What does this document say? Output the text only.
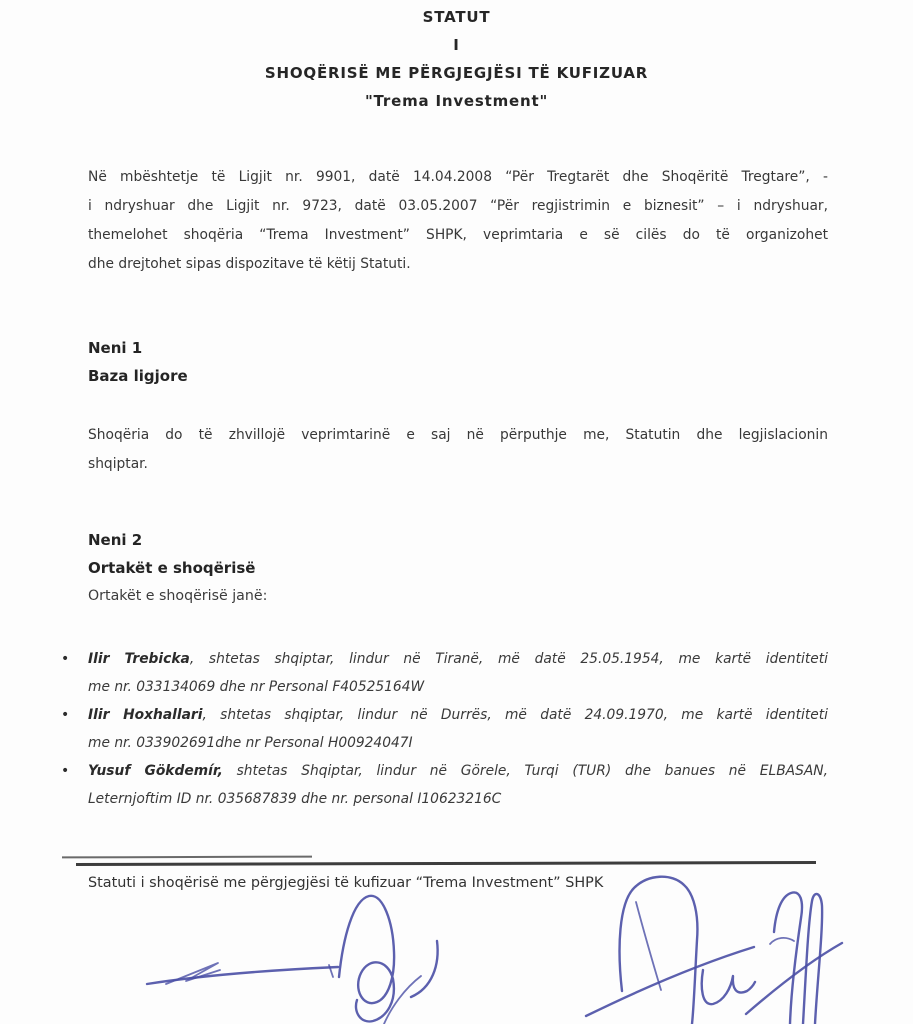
STATUT
I
SHOQËRISË ME PËRGJEGJËSI TË KUFIZUAR
"Trema Investment"
Në mbështetje të Ligjit nr. 9901, datë 14.04.2008 “Për Tregtarët dhe Shoqëritë Tregtare”, -
i ndryshuar dhe Ligjit nr. 9723, datë 03.05.2007 “Për regjistrimin e biznesit” – i ndryshuar,
themelohet shoqëria “Trema Investment” SHPK, veprimtaria e së cilës do të organizohet
dhe drejtohet sipas dispozitave të këtij Statuti.
Neni 1
Baza ligjore
Shoqëria do të zhvillojë veprimtarinë e saj në përputhje me, Statutin dhe legjislacionin
shqiptar.
Neni 2
Ortakët e shoqërisë
Ortakët e shoqërisë janë:
•	Ilir Trebicka, shtetas shqiptar, lindur në Tiranë, më datë 25.05.1954, me kartë identiteti
me nr. 033134069 dhe nr Personal F40525164W
•	Ilir Hoxhallari, shtetas shqiptar, lindur në Durrës, më datë 24.09.1970, me kartë identiteti
me nr. 033902691dhe nr Personal H00924047I
•	Yusuf Gökdemír, shtetas Shqiptar, lindur në Görele, Turqi (TUR) dhe banues në ELBASAN,
Leternjoftim ID nr. 035687839 dhe nr. personal I10623216C
Statuti i shoqërisë me përgjegjësi të kufizuar “Trema Investment” SHPK
